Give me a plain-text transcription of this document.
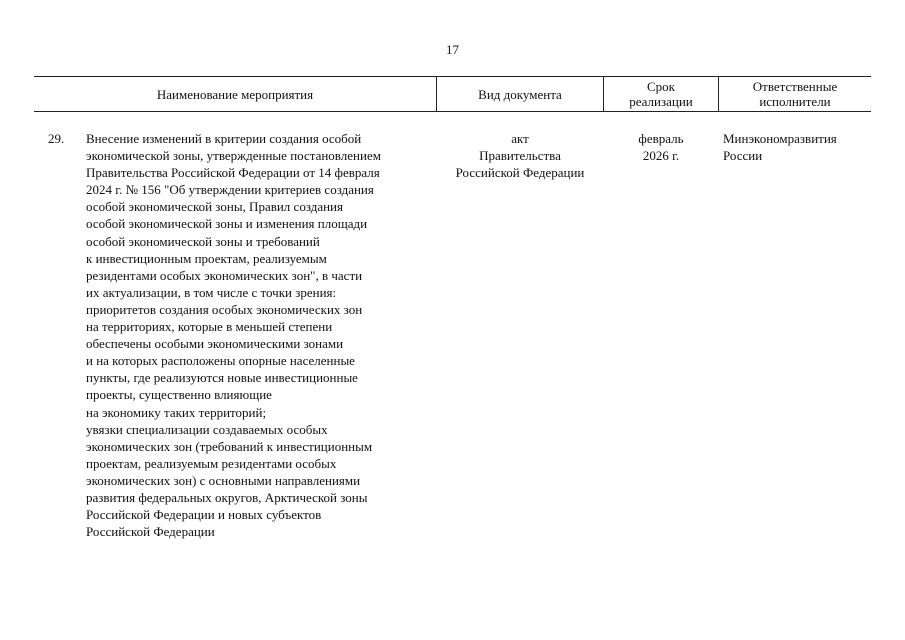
17
Наименование мероприятия	Вид документа	Срок
реализации
Ответственные
исполнители
29. Внесение изменений в критерии создания особой
экономической зоны, утвержденные постановлением
Правительства Российской Федерации от 14 февраля
2024 г. № 156 "Об утверждении критериев создания
особой экономической зоны, Правил создания
особой экономической зоны и изменения площади
особой экономической зоны и требований
к инвестиционным проектам, реализуемым
резидентами особых экономических зон", в части
их актуализации, в том числе с точки зрения:
приоритетов создания особых экономических зон
на территориях, которые в меньшей степени
обеспечены особыми экономическими зонами
и на которых расположены опорные населенные
пункты, где реализуются новые инвестиционные
проекты, существенно влияющие
на экономику таких территорий;
увязки специализации создаваемых особых
экономических зон (требований к инвестиционным
проектам, реализуемым резидентами особых
экономических зон) с основными направлениями
развития федеральных округов, Арктической зоны
Российской Федерации и новых субъектов
Российской Федерации
акт
Правительства
Российской Федерации
февраль
2026 г.
Минэкономразвития
России
